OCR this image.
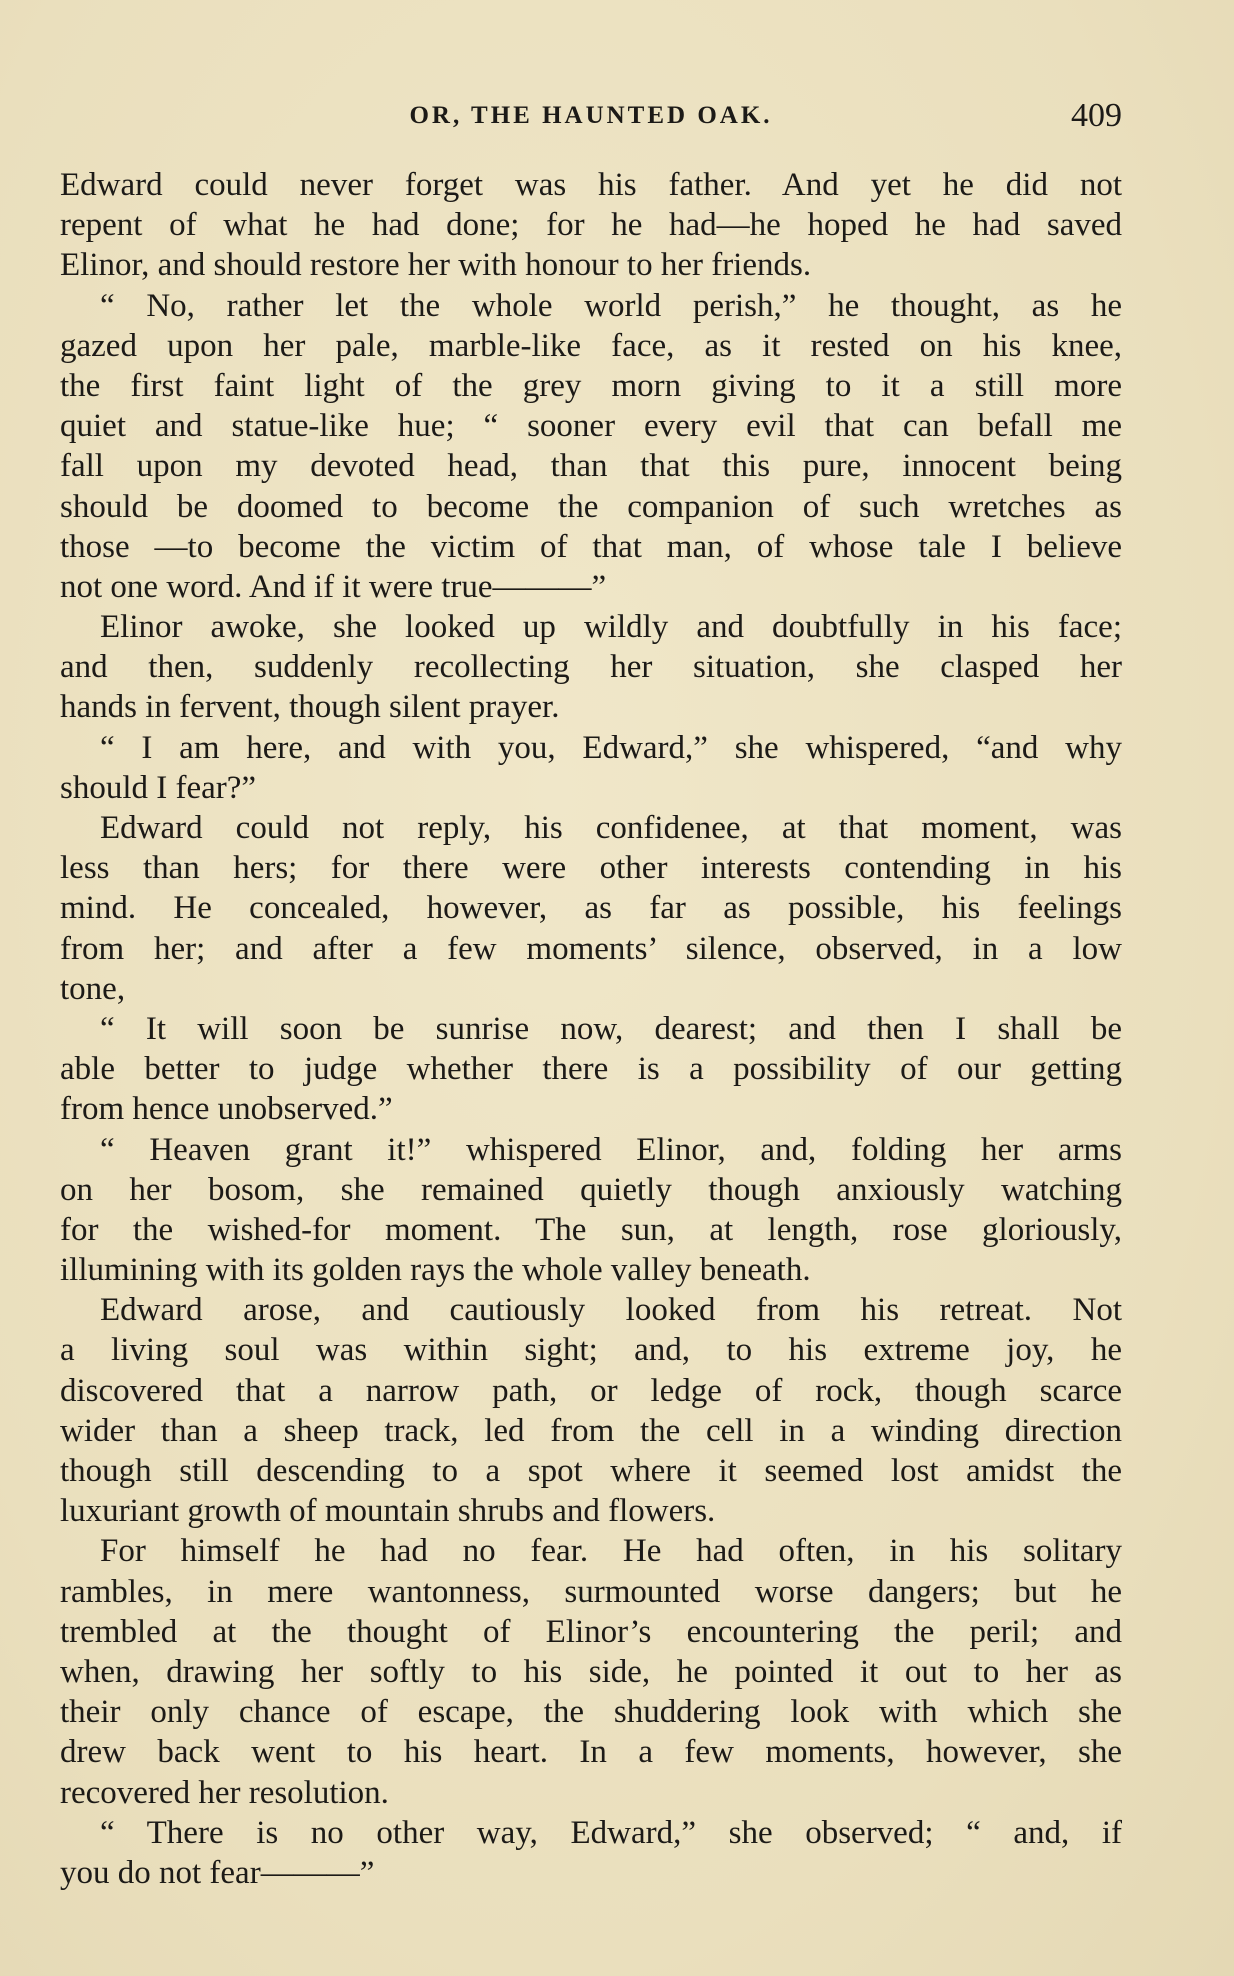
OR, THE HAUNTED OAK.	409
Edward could never forget was his father. And yet he did not
repent of what he had done; for he had—he hoped he had saved
Elinor, and should restore her with honour to her friends.
“ No, rather let the whole world perish,” he thought, as he
gazed upon her pale, marble-like face, as it rested on his knee,
the first faint light of the grey morn giving to it a still more
quiet and statue-like hue; “ sooner every evil that can befall me
fall upon my devoted head, than that this pure, innocent being
should be doomed to become the companion of such wretches as
those —to become the victim of that man, of whose tale I believe
not one word. And if it were true———”
Elinor awoke, she looked up wildly and doubtfully in his face;
and then, suddenly recollecting her situation, she clasped her
hands in fervent, though silent prayer.
“ I am here, and with you, Edward,” she whispered, “and why
should I fear?”
Edward could not reply, his confidenee, at that moment, was
less than hers; for there were other interests contending in his
mind. He concealed, however, as far as possible, his feelings
from her; and after a few moments’ silence, observed, in a low
tone,
“ It will soon be sunrise now, dearest; and then I shall be
able better to judge whether there is a possibility of our getting
from hence unobserved.”
“ Heaven grant it!” whispered Elinor, and, folding her arms
on her bosom, she remained quietly though anxiously watching
for the wished-for moment. The sun, at length, rose gloriously,
illumining with its golden rays the whole valley beneath.
Edward arose, and cautiously looked from his retreat. Not
a living soul was within sight; and, to his extreme joy, he
discovered that a narrow path, or ledge of rock, though scarce
wider than a sheep track, led from the cell in a winding direction
though still descending to a spot where it seemed lost amidst the
luxuriant growth of mountain shrubs and flowers.
For himself he had no fear. He had often, in his solitary
rambles, in mere wantonness, surmounted worse dangers; but he
trembled at the thought of Elinor’s encountering the peril; and
when, drawing her softly to his side, he pointed it out to her as
their only chance of escape, the shuddering look with which she
drew back went to his heart. In a few moments, however, she
recovered her resolution.
“ There is no other way, Edward,” she observed; “ and, if
you do not fear———”
